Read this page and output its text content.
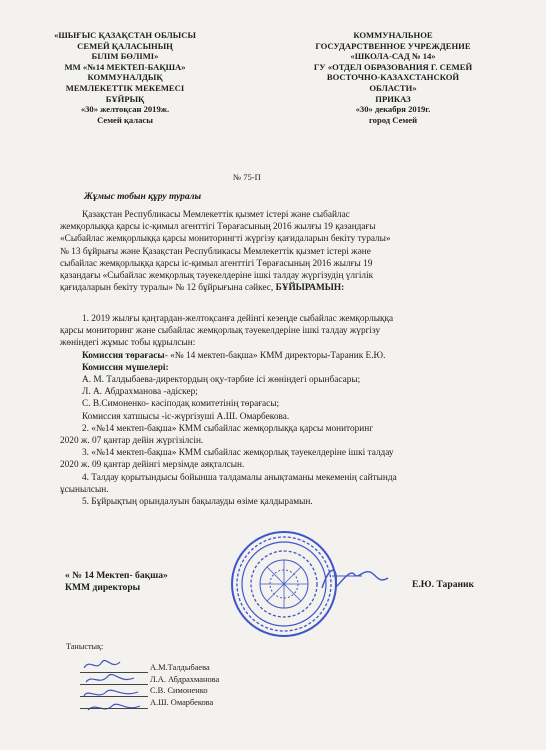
«ШЫҒЫС ҚАЗАҚСТАН ОБЛЫСЫ
СЕМЕЙ ҚАЛАСЫНЫҢ
БІЛІМ БӨЛІМІ»
ММ «№14 МЕКТЕП-БАҚША»
КОММУНАЛДЫҚ
МЕМЛЕКЕТТІК МЕКЕМЕСІ
БҰЙРЫҚ
«30» желтоқсан 2019ж.
Семей қаласы
КОММУНАЛЬНОЕ
ГОСУДАРСТВЕННОЕ УЧРЕЖДЕНИЕ
«ШКОЛА-САД № 14»
ГУ «ОТДЕЛ ОБРАЗОВАНИЯ Г. СЕМЕЙ
ВОСТОЧНО-КАЗАХСТАНСКОЙ
ОБЛАСТИ»
ПРИКАЗ
«30» декабря 2019г.
город Семей
№ 75-П
Жұмыс тобын құру туралы

Қазақстан Республикасы Мемлекеттік қызмет істері және сыбайлас

жемқорлыққа қарсы іс-қимыл агенттігі Төрағасының 2016 жылғы 19 қазандағы

«Сыбайлас жемқорлыққа қарсы мониторингті жүргізу қағидаларын бекіту туралы»

№ 13 бұйрығы және Қазақстан Республикасы Мемлекеттік қызмет істері және

сыбайлас жемқорлыққа қарсы іс-қимыл агенттігі Төрағасының 2016 жылғы 19

қазандағы «Сыбайлас жемқорлық тәуекелдеріне ішкі талдау жүргізудің үлгілік

қағидаларын бекіту туралы» № 12 бұйрығына сәйкес, БҰЙЫРАМЫН:

1. 2019 жылғы қаңтардан-желтоқсанға дейінгі кезеңде сыбайлас жемқорлыққа

қарсы мониторинг және сыбайлас жемқорлық тәуекелдеріне ішкі талдау жүргізу

жөніндегі жұмыс тобы құрылсын:

Комиссия төрағасы- «№ 14 мектеп-бақша» КММ директоры-Тараник Е.Ю.

Комиссия мүшелері:

А. М. Талдыбаева-директордың оқу-тәрбие ісі жөніндегі орынбасары;

Л. А. Абдрахманова -әдіскер;

С. В.Симоненко- кәсіподақ комитетінің төрағасы;

Комиссия хатшысы -іс-жүргізуші А.Ш. Омарбекова.

2. «№14 мектеп-бақша» КММ сыбайлас жемқорлыққа қарсы мониторинг

2020 ж. 07 қантар дейін жүргізілсін.

3. «№14 мектеп-бақша» КММ сыбайлас жемқорлық тәуекелдеріне ішкі талдау

2020 ж. 09 қантар дейінгі мерзімде аяқталсын.

4. Талдау қорытындысы бойынша талдамалы анықтаманы мекеменің сайтында

ұсынылсын.

5. Бұйрықтың орындалуын бақылауды өзіме қалдырамын.

« № 14 Мектеп- бақша»
КММ директоры	Е.Ю. Тараник
Таныстық:
А.М.Талдыбаева
Л.А. Абдрахманова
С.В. Симоненко
А.Ш. Омарбекова
